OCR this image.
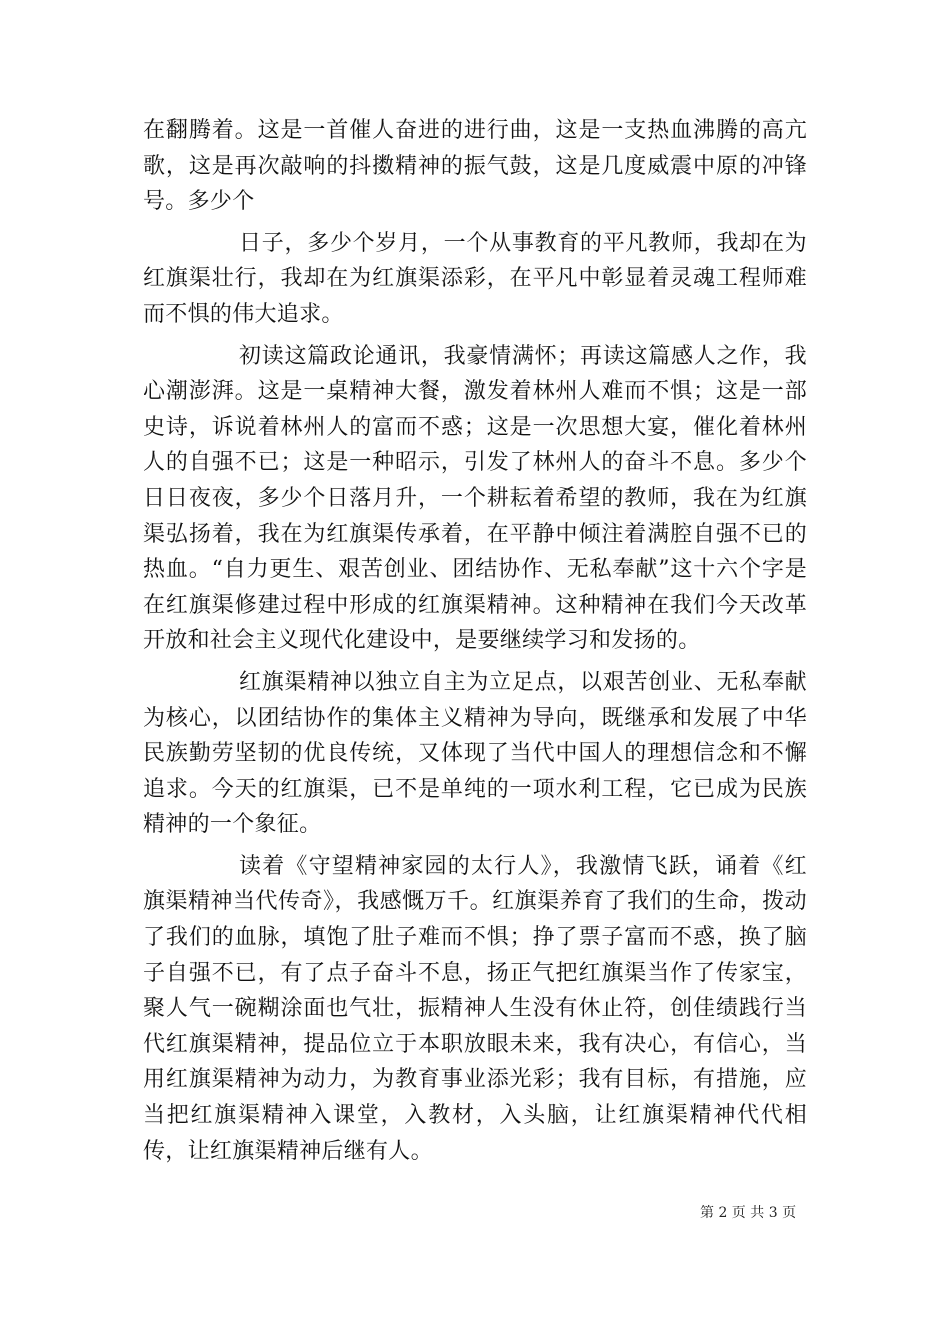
在翻腾着。这是一首催人奋进的进行曲，这是一支热血沸腾的高亢歌，这是再次敲响的抖擞精神的振气鼓，这是几度威震中原的冲锋号。多少个

日子，多少个岁月，一个从事教育的平凡教师，我却在为红旗渠壮行，我却在为红旗渠添彩，在平凡中彰显着灵魂工程师难而不惧的伟大追求。

初读这篇政论通讯，我豪情满怀；再读这篇感人之作，我心潮澎湃。这是一桌精神大餐，激发着林州人难而不惧；这是一部史诗，诉说着林州人的富而不惑；这是一次思想大宴，催化着林州人的自强不已；这是一种昭示，引发了林州人的奋斗不息。多少个日日夜夜，多少个日落月升，一个耕耘着希望的教师，我在为红旗渠弘扬着，我在为红旗渠传承着，在平静中倾注着满腔自强不已的热血。“自力更生、艰苦创业、团结协作、无私奉献”这十六个字是在红旗渠修建过程中形成的红旗渠精神。这种精神在我们今天改革开放和社会主义现代化建设中，是要继续学习和发扬的。

红旗渠精神以独立自主为立足点，以艰苦创业、无私奉献为核心，以团结协作的集体主义精神为导向，既继承和发展了中华民族勤劳坚韧的优良传统，又体现了当代中国人的理想信念和不懈追求。今天的红旗渠，已不是单纯的一项水利工程，它已成为民族精神的一个象征。

读着《守望精神家园的太行人》，我激情飞跃，诵着《红旗渠精神当代传奇》，我感慨万千。红旗渠养育了我们的生命，拨动了我们的血脉，填饱了肚子难而不惧；挣了票子富而不惑，换了脑子自强不已，有了点子奋斗不息，扬正气把红旗渠当作了传家宝，聚人气一碗糊涂面也气壮，振精神人生没有休止符，创佳绩践行当代红旗渠精神，提品位立于本职放眼未来，我有决心，有信心，当用红旗渠精神为动力，为教育事业添光彩；我有目标，有措施，应当把红旗渠精神入课堂，入教材，入头脑，让红旗渠精神代代相传，让红旗渠精神后继有人。

第 2 页 共 3 页
